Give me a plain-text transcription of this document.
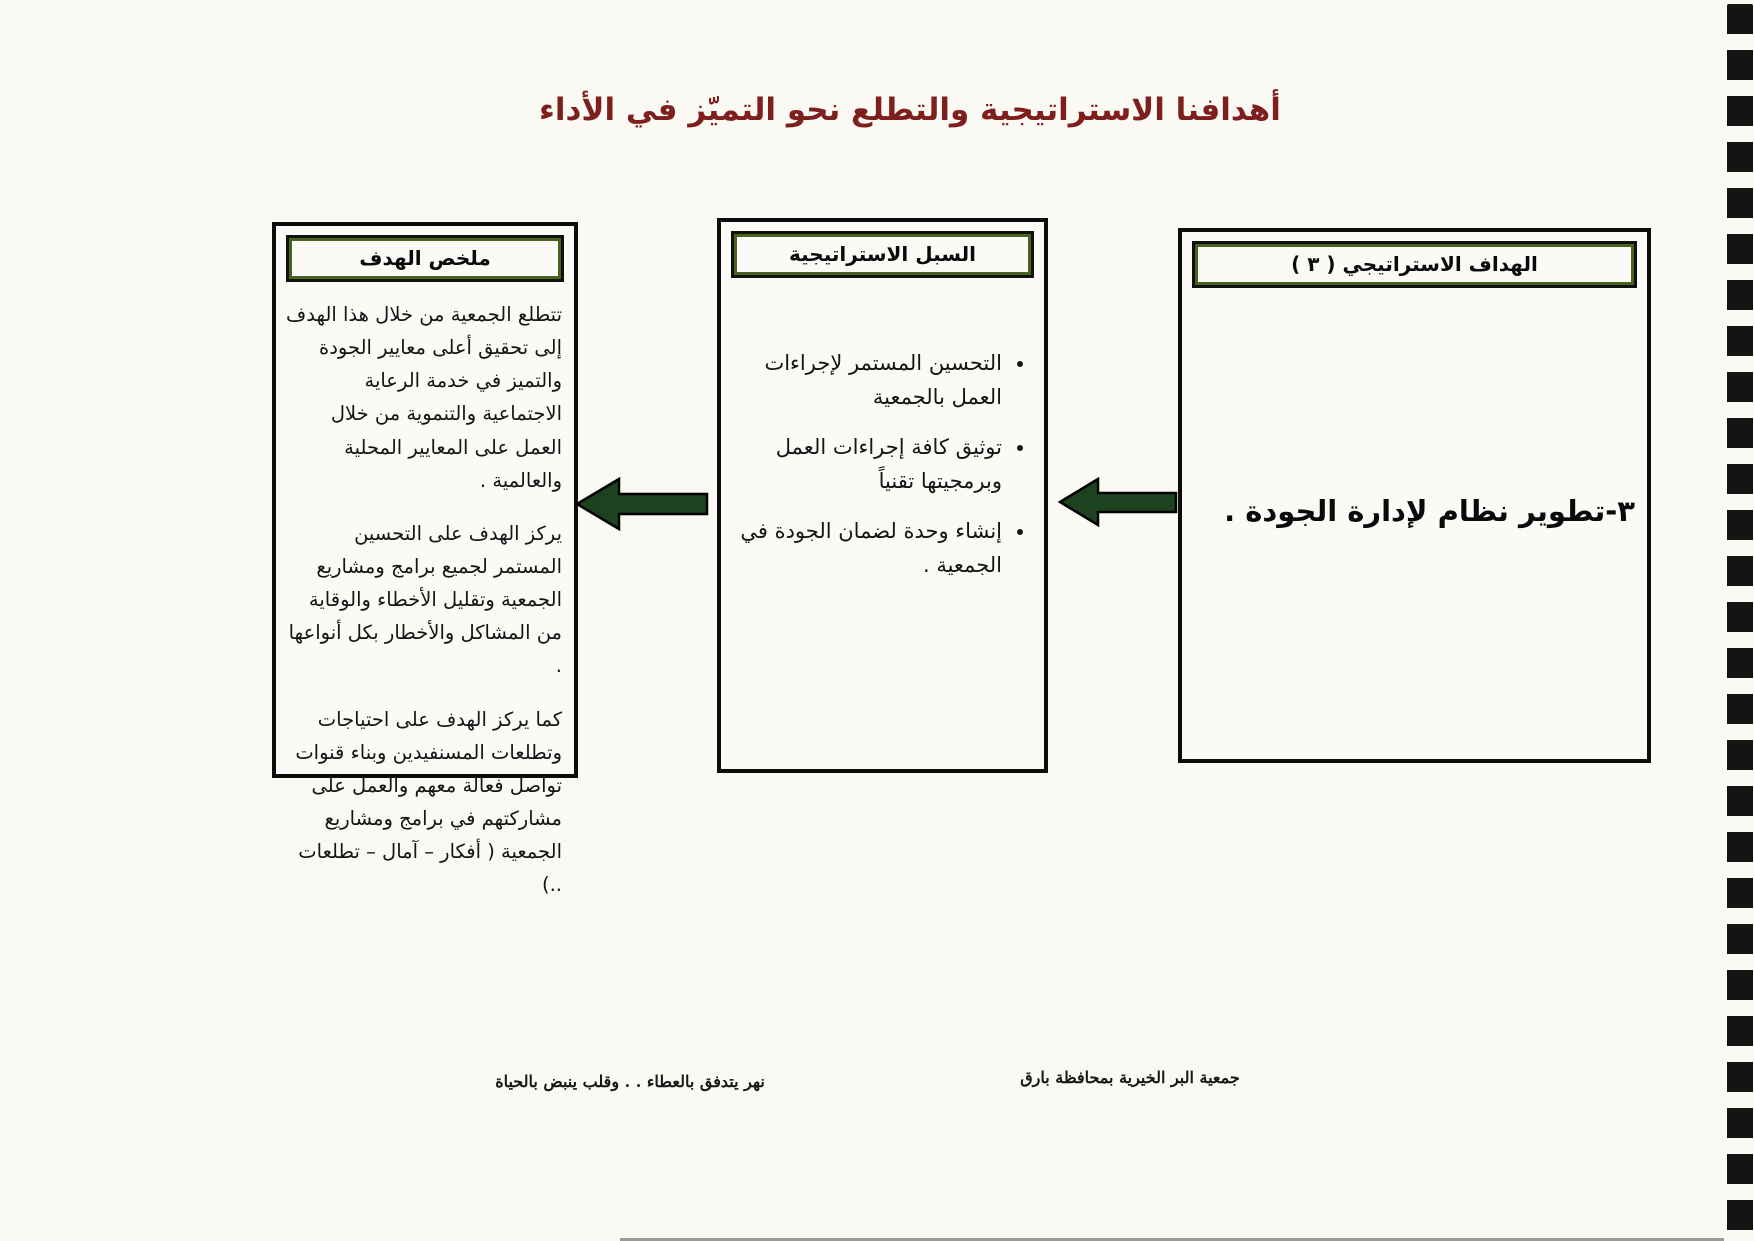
أهدافنا الاستراتيجية والتطلع نحو التميّز في الأداء
الهداف الاستراتيجي ( ٣ )
٣-تطوير نظام لإدارة الجودة .
السبل الاستراتيجية
• التحسين المستمر لإجراءات العمل بالجمعية
• توثيق كافة إجراءات العمل وبرمجيتها تقنياً
• إنشاء وحدة لضمان الجودة في الجمعية .
ملخص الهدف

تتطلع الجمعية من خلال هذا الهدف إلى تحقيق أعلى معايير الجودة والتميز في خدمة الرعاية الاجتماعية والتنموية من خلال العمل على المعايير المحلية والعالمية .

يركز الهدف على التحسين المستمر لجميع برامج ومشاريع الجمعية وتقليل الأخطاء والوقاية من المشاكل والأخطار بكل أنواعها .

كما يركز الهدف على احتياجات وتطلعات المسنفيدين وبناء قنوات تواصل فعالة معهم والعمل على مشاركتهم في برامج ومشاريع الجمعية ( أفكار – آمال – تطلعات ..)

نهر يتدفق بالعطاء . . وقلب ينبض بالحياة	جمعية البر الخيرية بمحافظة بارق
